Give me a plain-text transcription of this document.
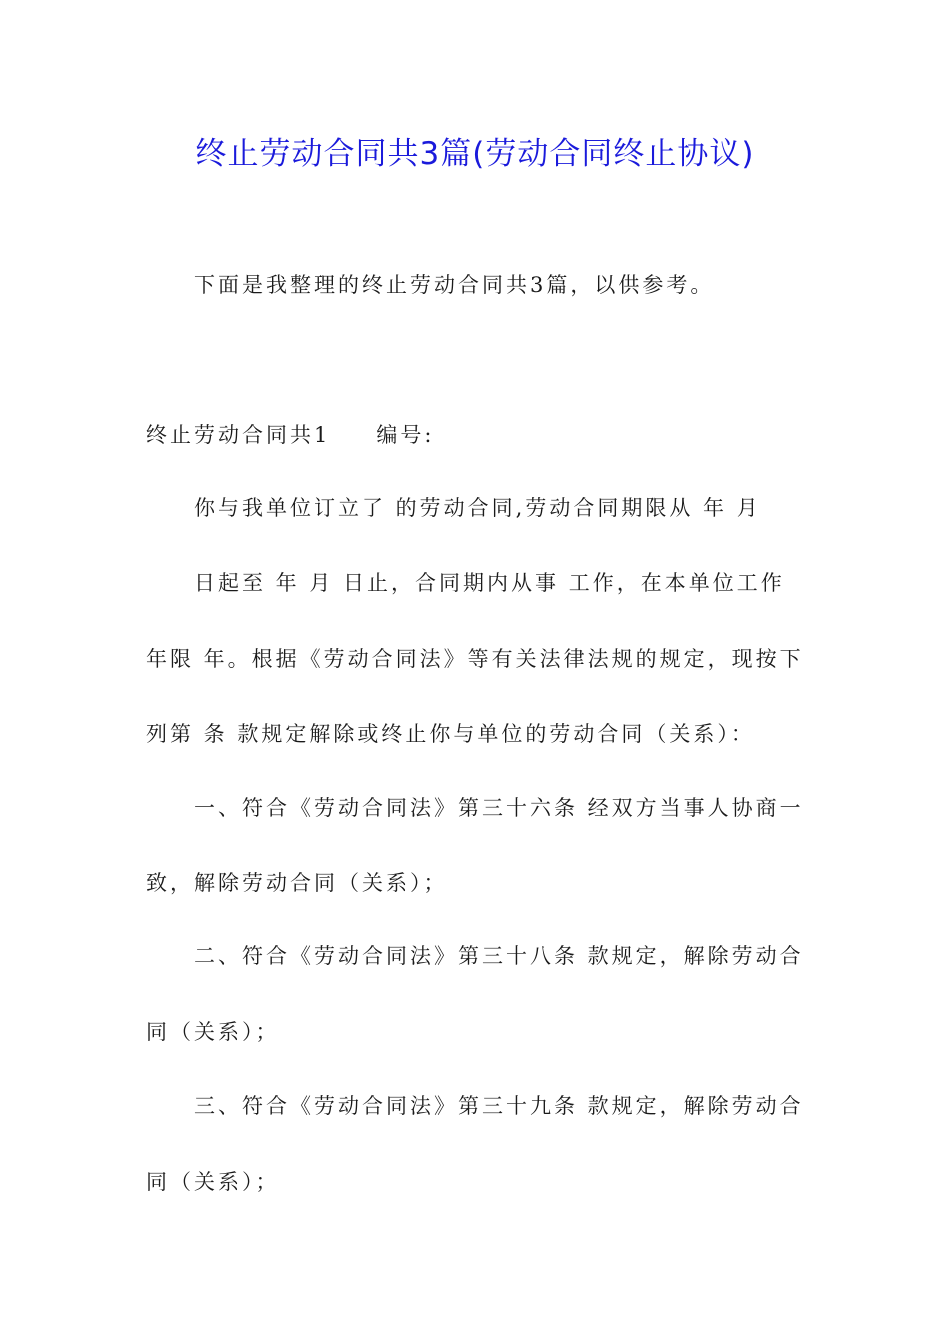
终止劳动合同共3篇(劳动合同终止协议)
下面是我整理的终止劳动合同共3篇，以供参考。
终止劳动合同共1 编号:
你与我单位订立了 的劳动合同,劳动合同期限从 年 月
日起至 年 月 日止，合同期内从事 工作，在本单位工作
年限 年。根据《劳动合同法》等有关法律法规的规定，现按下
列第 条 款规定解除或终止你与单位的劳动合同（关系）：
一、符合《劳动合同法》第三十六条 经双方当事人协商一
致，解除劳动合同（关系）；
二、符合《劳动合同法》第三十八条 款规定，解除劳动合
同（关系）；
三、符合《劳动合同法》第三十九条 款规定，解除劳动合
同（关系）；
